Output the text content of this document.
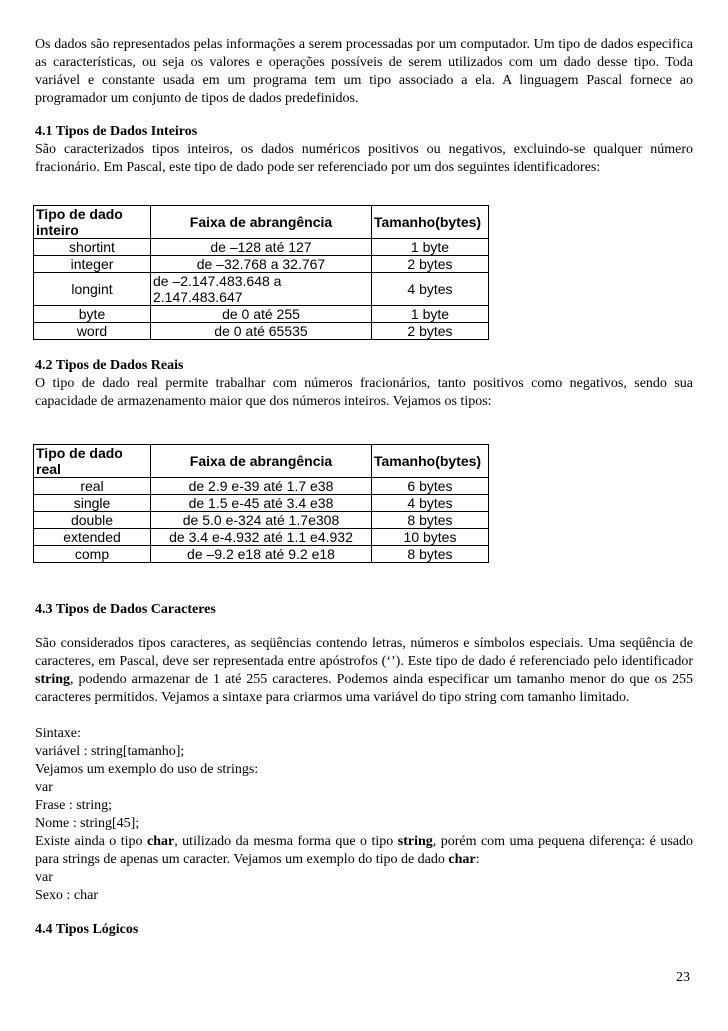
Os dados são representados pelas informações a serem processadas por um computador. Um tipo de dados especifica as características, ou seja os valores e operações possíveis de serem utilizados com um dado desse tipo. Toda variável e constante usada em um programa tem um tipo associado a ela. A linguagem Pascal fornece ao programador um conjunto de tipos de dados predefinidos.
4.1 Tipos de Dados Inteiros
São caracterizados tipos inteiros, os dados numéricos positivos ou negativos, excluindo-se qualquer número fracionário. Em Pascal, este tipo de dado pode ser referenciado por um dos seguintes identificadores:
Tipo de dado inteiro	Faixa de abrangência	Tamanho(bytes)
shortint	de –128 até 127	1 byte
integer	de –32.768 a 32.767	2 bytes
longint	de –2.147.483.648 a 2.147.483.647	4 bytes
byte	de 0 até 255	1 byte
word	de 0 até 65535	2 bytes
4.2 Tipos de Dados Reais
O tipo de dado real permite trabalhar com números fracionários, tanto positivos como negativos, sendo sua capacidade de armazenamento maior que dos números inteiros. Vejamos os tipos:
Tipo de dado real	Faixa de abrangência	Tamanho(bytes)
real	de 2.9 e-39 até 1.7 e38	6 bytes
single	de 1.5 e-45 até 3.4 e38	4 bytes
double	de 5.0 e-324 até 1.7e308	8 bytes
extended	de 3.4 e-4.932 até 1.1 e4.932	10 bytes
comp	de –9.2 e18 até 9.2 e18	8 bytes
4.3 Tipos de Dados Caracteres
São considerados tipos caracteres, as seqüências contendo letras, números e símbolos especiais. Uma seqüência de caracteres, em Pascal, deve ser representada entre apóstrofos (‘’). Este tipo de dado é referenciado pelo identificador string, podendo armazenar de 1 até 255 caracteres. Podemos ainda especificar um tamanho menor do que os 255 caracteres permitidos. Vejamos a sintaxe para criarmos uma variável do tipo string com tamanho limitado.
Sintaxe:
variável : string[tamanho];
Vejamos um exemplo do uso de strings:
var
Frase : string;
Nome : string[45];
Existe ainda o tipo char, utilizado da mesma forma que o tipo string, porém com uma pequena diferença: é usado para strings de apenas um caracter. Vejamos um exemplo do tipo de dado char:
var
Sexo : char
4.4 Tipos Lógicos
23
